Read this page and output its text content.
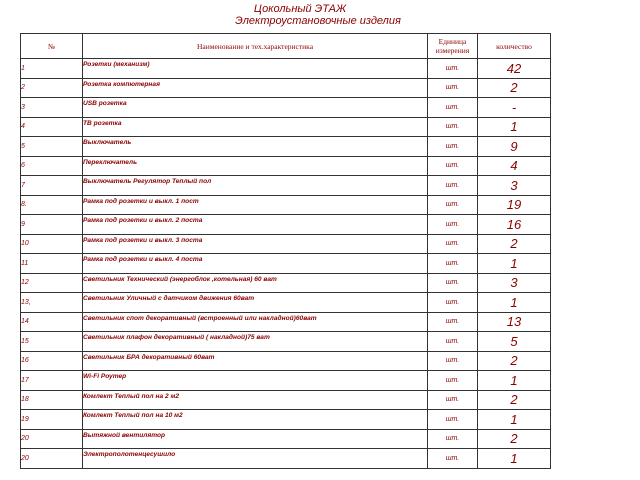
Цокольный ЭТАЖ
Электроустановочные изделия
№	Наименование и тех.характеристика	Единица измерения	количество
1	Розетки (механизм)	шт.	42
2	Розетка компютерная	шт.	2
3	USB розетка	шт.	-
4	ТВ розетка	шт.	1
5	Выключатель	шт.	9
6	Переключатель	шт.	4
7	Выключатель Регулятор Теплый пол	шт.	3
8.	Рамка под розетки и выкл. 1 пост	шт.	19
9	Рамка под розетки и выкл. 2 поста	шт.	16
10	Рамка под розетки и выкл. 3 поста	шт.	2
11	Рамка под розетки и выкл. 4 поста	шт.	1
12	Светильник Технический (энергоблок ,котельная) 60 ват	шт.	3
13,	Светильник Уличный с датчиком движения 60ват	шт.	1
14	Светильник спот декоративный (встроенный или накладной)60ват	шт.	13
15	Светильник плафон декоративный ( накладной)75 ват	шт.	5
16	Светильник БРА декоративный 60ват	шт.	2
17	Wi-Fi Роутер	шт.	1
18	Комлект Теплый пол на 2 м2	шт.	2
19	Комлект Теплый пол на 10 м2	шт.	1
20	Вытяжной вентилятор	шт.	2
20	Электрополотенцесушило	шт.	1
